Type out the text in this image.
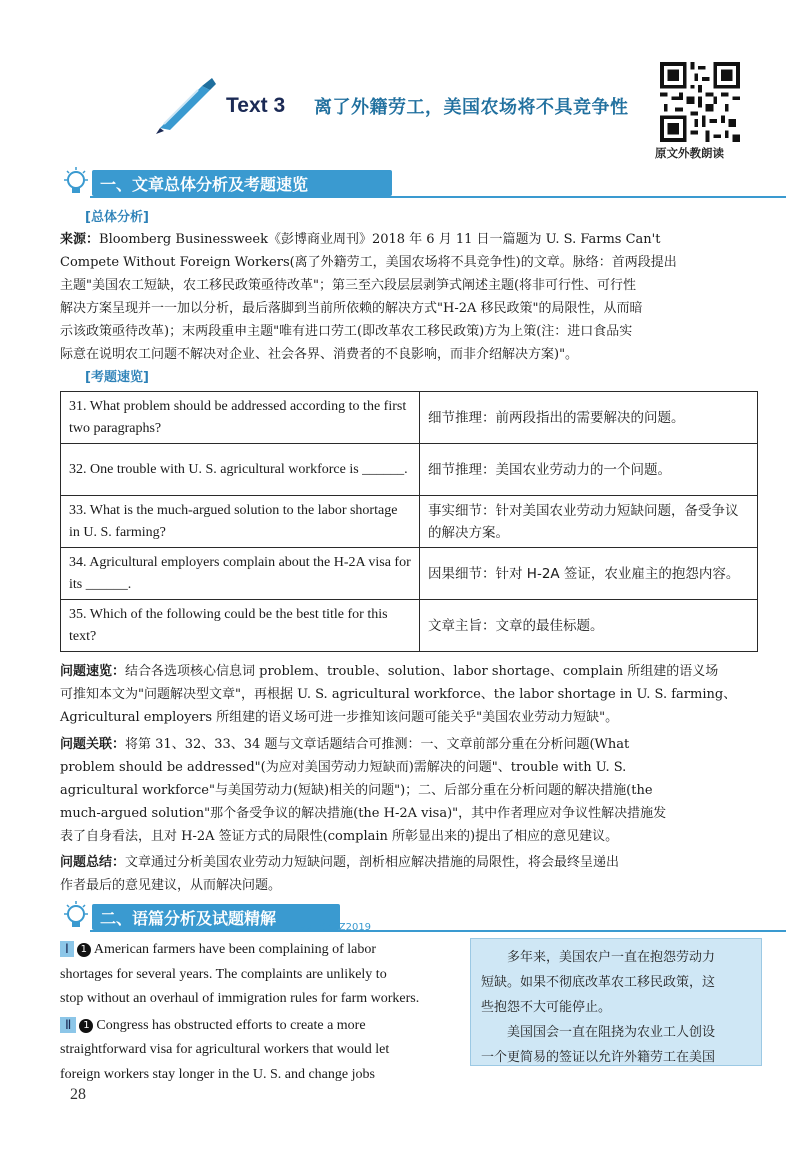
Text 3 离了外籍劳工，美国农场将不具竞争性
原文外教朗读
一、文章总体分析及考题速览
[总体分析]
来源：Bloomberg Businessweek《彭博商业周刊》2018 年 6 月 11 日一篇题为 U. S. Farms Can't
Compete Without Foreign Workers(离了外籍劳工，美国农场将不具竞争性)的文章。脉络：首两段提出
主题"美国农工短缺，农工移民政策亟待改革"；第三至六段层层剥笋式阐述主题(将非可行性、可行性
解决方案呈现并一一加以分析，最后落脚到当前所依赖的解决方式"H-2A 移民政策"的局限性，从而暗
示该政策亟待改革)；末两段重申主题"唯有进口劳工(即改革农工移民政策)方为上策(注：进口食品实
际意在说明农工问题不解决对企业、社会各界、消费者的不良影响，而非介绍解决方案)"。
[考题速览]
31. What problem should be addressed according to the first two paragraphs?	细节推理：前两段指出的需要解决的问题。
32. One trouble with U. S. agricultural workforce is ______.	细节推理：美国农业劳动力的一个问题。
33. What is the much-argued solution to the labor shortage in U. S. farming?	事实细节：针对美国农业劳动力短缺问题，备受争议的解决方案。
34. Agricultural employers complain about the H-2A visa for its ______.	因果细节：针对 H-2A 签证，农业雇主的抱怨内容。
35. Which of the following could be the best title for this text?	文章主旨：文章的最佳标题。
问题速览：结合各选项核心信息词 problem、trouble、solution、labor shortage、complain 所组建的语义场
可推知本文为"问题解决型文章"，再根据 U. S. agricultural workforce、the labor shortage in U. S. farming、
Agricultural employers 所组建的语义场可进一步推知该问题可能关乎"美国农业劳动力短缺"。
问题关联：将第 31、32、33、34 题与文章话题结合可推测：一、文章前部分重在分析问题(What
problem should be addressed"(为应对美国劳动力短缺而)需解决的问题"、trouble with U. S.
agricultural workforce"与美国劳动力(短缺)相关的问题")；二、后部分重在分析问题的解决措施(the
much-argued solution"那个备受争议的解决措施(the H-2A visa)"，其中作者理应对争议性解决措施发
表了自身看法，且对 H-2A 签证方式的局限性(complain 所彰显出来的)提出了相应的意见建议。
问题总结：文章通过分析美国农业劳动力短缺问题，剖析相应解决措施的局限性，将会最终呈递出
作者最后的意见建议，从而解决问题。
二、语篇分析及试题精解 vx: KZRZ2019
Ⅰ 1 American farmers have been complaining of labor
shortages for several years. The complaints are unlikely to
stop without an overhaul of immigration rules for farm workers.
Ⅱ 1 Congress has obstructed efforts to create a more
straightforward visa for agricultural workers that would let
foreign workers stay longer in the U. S. and change jobs
多年来，美国农户一直在抱怨劳动力
短缺。如果不彻底改革农工移民政策，这
些抱怨不大可能停止。
美国国会一直在阻挠为农业工人创设
一个更简易的签证以允许外籍劳工在美国
28
